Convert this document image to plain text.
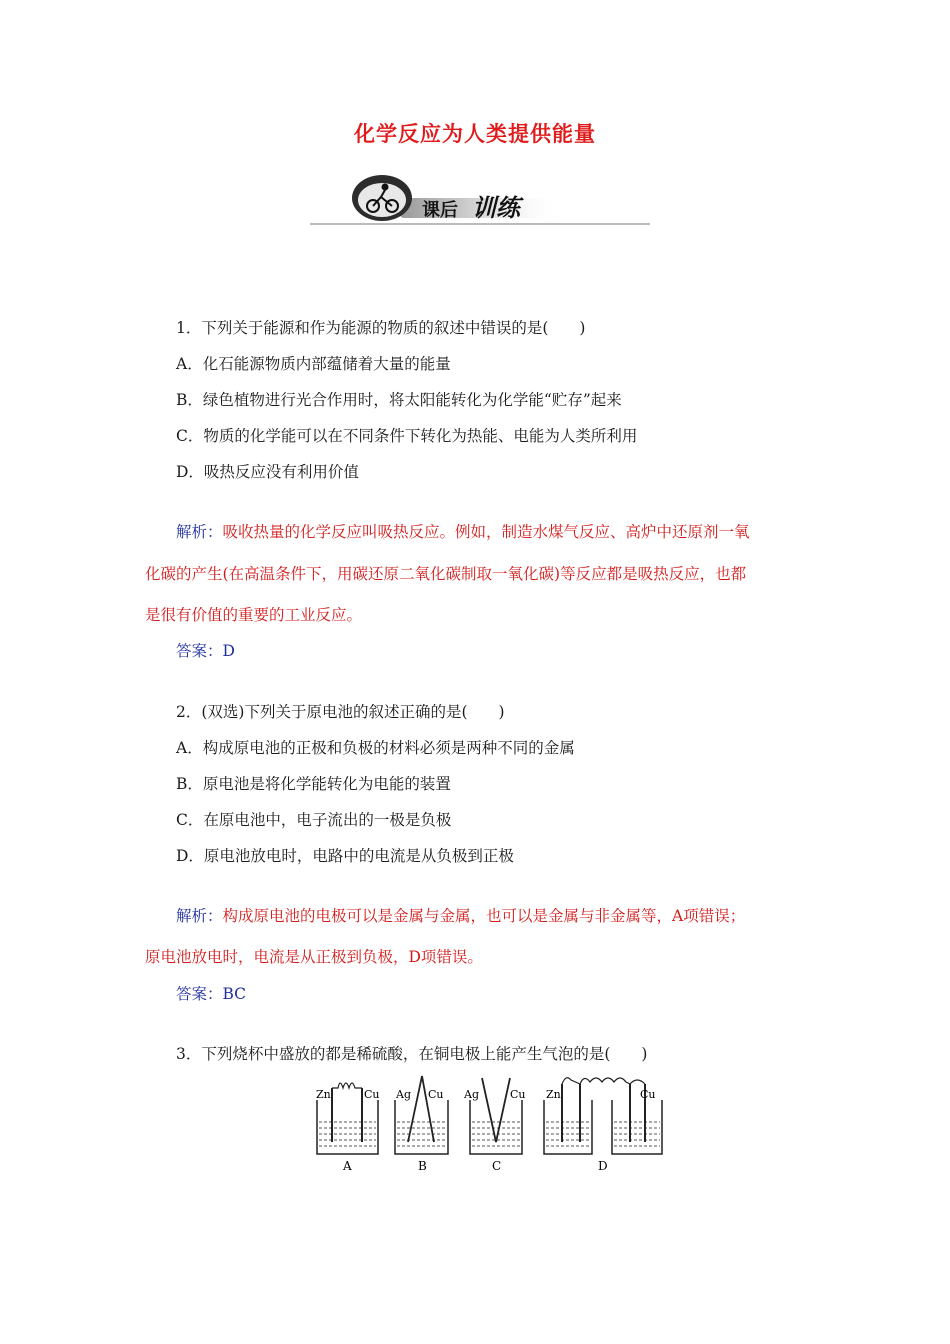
化学反应为人类提供能量
课后 训练
1．下列关于能源和作为能源的物质的叙述中错误的是(　　)
A．化石能源物质内部蕴储着大量的能量
B．绿色植物进行光合作用时，将太阳能转化为化学能“贮存”起来
C．物质的化学能可以在不同条件下转化为热能、电能为人类所利用
D．吸热反应没有利用价值
解析：吸收热量的化学反应叫吸热反应。例如，制造水煤气反应、高炉中还原剂一氧
化碳的产生(在高温条件下，用碳还原二氧化碳制取一氧化碳)等反应都是吸热反应，也都
是很有价值的重要的工业反应。
答案：D
2．(双选)下列关于原电池的叙述正确的是(　　)
A．构成原电池的正极和负极的材料必须是两种不同的金属
B．原电池是将化学能转化为电能的装置
C．在原电池中，电子流出的一极是负极
D．原电池放电时，电路中的电流是从负极到正极
解析：构成原电池的电极可以是金属与金属，也可以是金属与非金属等，A项错误；
原电池放电时，电流是从正极到负极，D项错误。
答案：BC
3．下列烧杯中盛放的都是稀硫酸，在铜电极上能产生气泡的是(　　)
Zn	Cu
A
Ag Cu
B
Ag	Cu
C
Zn	Cu
D
